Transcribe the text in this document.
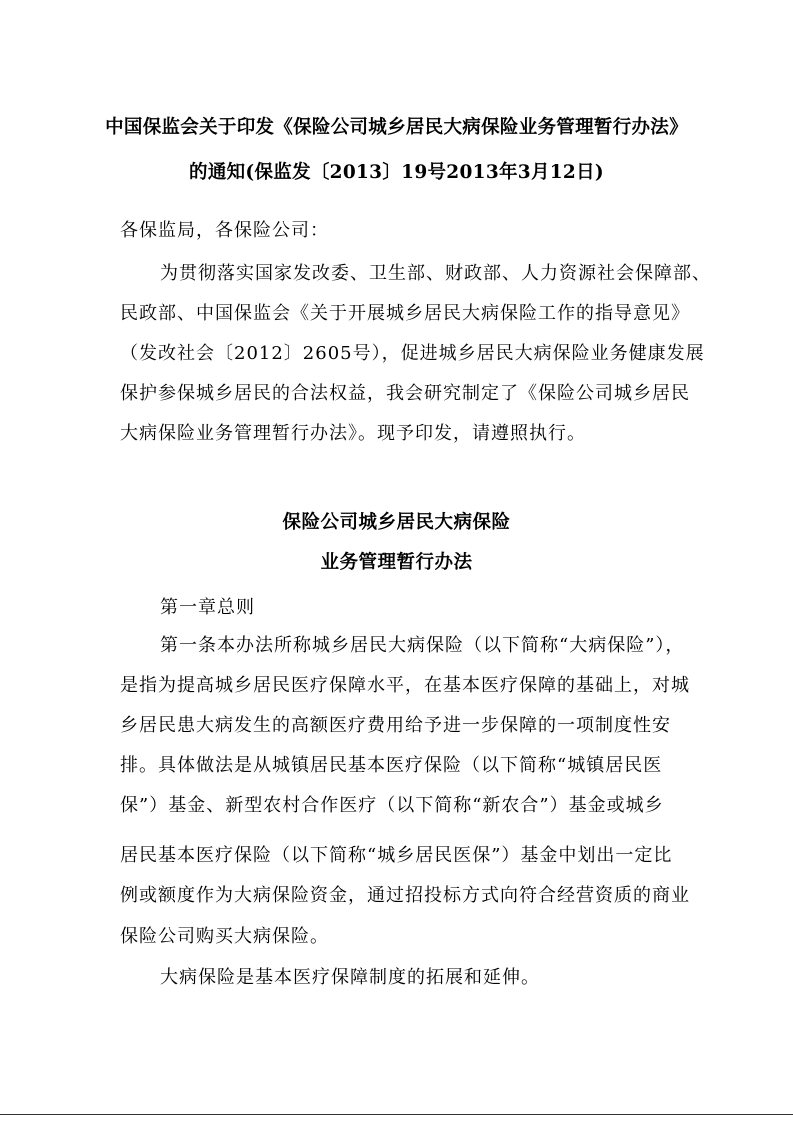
中国保监会关于印发《保险公司城乡居民大病保险业务管理暂行办法》
的通知(保监发〔2013〕19号2013年3月12日)
各保监局，各保险公司：
为贯彻落实国家发改委、卫生部、财政部、人力资源社会保障部、
民政部、中国保监会《关于开展城乡居民大病保险工作的指导意见》
（发改社会〔2012〕2605号），促进城乡居民大病保险业务健康发展
保护参保城乡居民的合法权益，我会研究制定了《保险公司城乡居民
大病保险业务管理暂行办法》。现予印发，请遵照执行。
保险公司城乡居民大病保险
业务管理暂行办法
第一章总则
第一条本办法所称城乡居民大病保险（以下简称“大病保险”），
是指为提高城乡居民医疗保障水平，在基本医疗保障的基础上，对城
乡居民患大病发生的高额医疗费用给予进一步保障的一项制度性安
排。具体做法是从城镇居民基本医疗保险（以下简称“城镇居民医
保”）基金、新型农村合作医疗（以下简称“新农合”）基金或城乡
居民基本医疗保险（以下简称“城乡居民医保”）基金中划出一定比
例或额度作为大病保险资金，通过招投标方式向符合经营资质的商业
保险公司购买大病保险。
大病保险是基本医疗保障制度的拓展和延伸。
